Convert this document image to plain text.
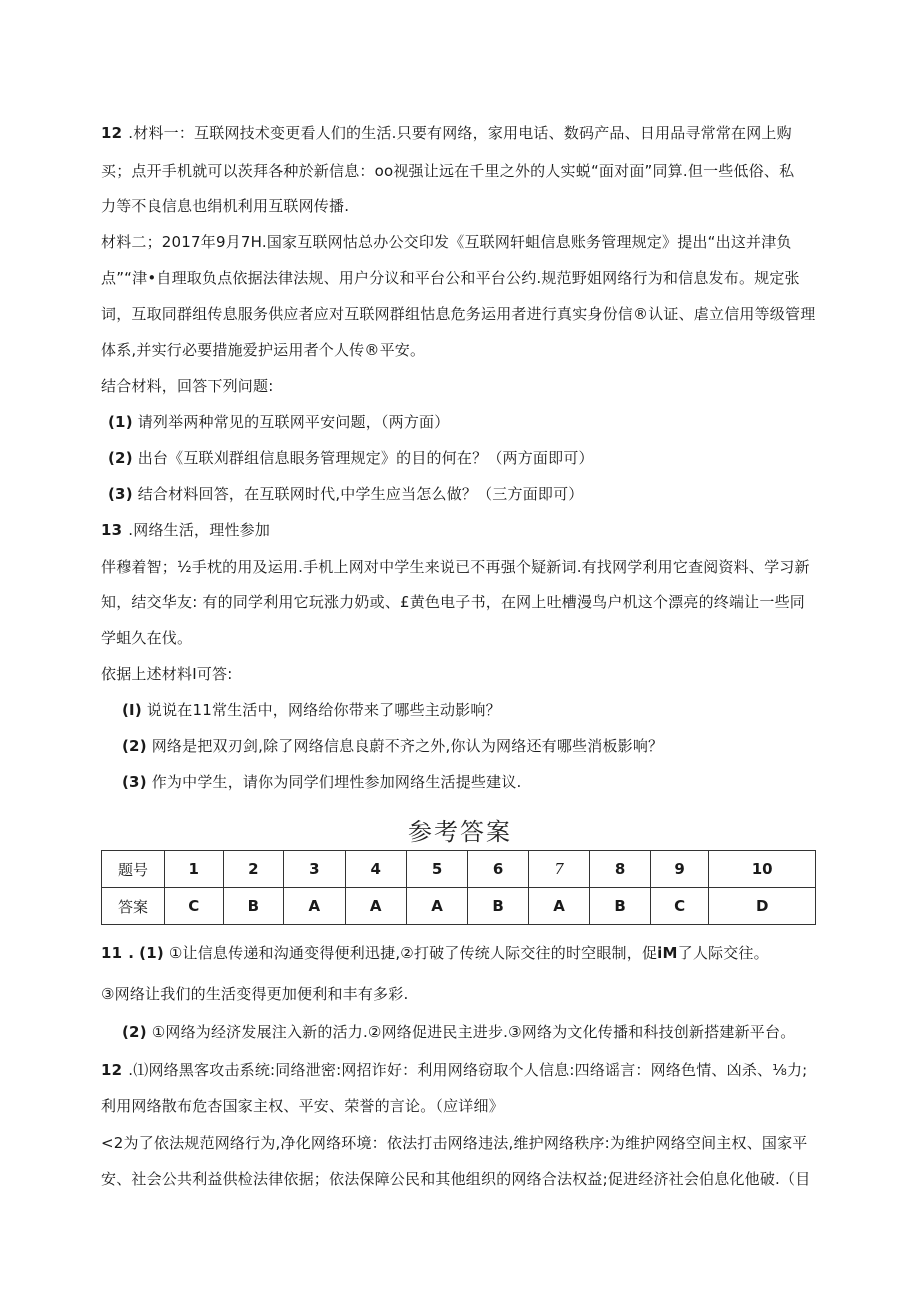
12 .材料一：互联网技术变更看人们的生活.只要有网络，家用电话、数码产品、日用品寻常常在网上购
买；点开手机就可以茨拜各种於新信息：oo视强让远在千里之外的人实蜕“面对面”同算.但一些低俗、私
力等不良信息也绢机利用互联网传播.
材料二；2017年9月7H.国家互联网怙总办公交印发《互联网轩蛆信息账务管理规定》提出“出这并津负
点”“津•自理取负点依据法律法规、用户分议和平台公和平台公约.规范野姐网络行为和信息发布。规定张
词，互取同群组传息服务供应者应对互联网群组怙息危务运用者进行真实身份信®认证、虐立信用等级管理
体系,并实行必要措施爱护运用者个人传®平安。
结合材料，回答下列问题:
(1) 请列举两种常见的互联网平安问题，（两方面）
(2) 出台《互联刈群组信息眼务管理规定》的目的何在？（两方面即可）
(3) 结合材料回答，在互联网时代,中学生应当怎么做？（三方面即可）
13 .网络生活，理性参加
伴穆着智；½手枕的用及运用.手机上网对中学生来说已不再强个疑新词.有找网学利用它查阅资料、学习新
知，结交华友: 有的同学利用它玩涨力奶或、£黄色电子书，在网上吐槽漫鸟户机这个漂亮的终端让一些同
学蛆久在伐。
依据上述材料I可答:
(I) 说说在11常生活中，网络给你带来了哪些主动影响？
(2) 网络是把双刃剑,除了网络信息良蔚不齐之外,你认为网络还有哪些消板影响？
(3) 作为中学生，请你为同学们埋性参加网络生活提些建议.
参考答案
题号	1	2	3	4	5	6	7	8	9	10
答案	C	B	A	A	A	B	A	B	C	D
11 . (1) ①让信息传递和沟通变得便利迅捷,②打破了传统人际交往的时空眼制，促iM了人际交往。
③网络让我们的生活变得更加便利和丰有多彩.
(2) ①网络为经济发展注入新的活力.②网络促进民主进步.③网络为文化传播和科技创新搭建新平台。
12 .⑴网络黑客攻击系统:同络泄密:网招诈好：利用网络窃取个人信息:四络谣言：网络色情、凶杀、⅛力;
利用网络散布危杏国家主权、平安、荣誉的言论。（应详细》
<2为了依法规范网络行为,净化网络环境：依法打击网络违法,维护网络秩序:为维护网络空间主权、国家平
安、社会公共利益供检法律依据；依法保障公民和其他组织的网络合法权益;促进经济社会伯息化他破.（目
